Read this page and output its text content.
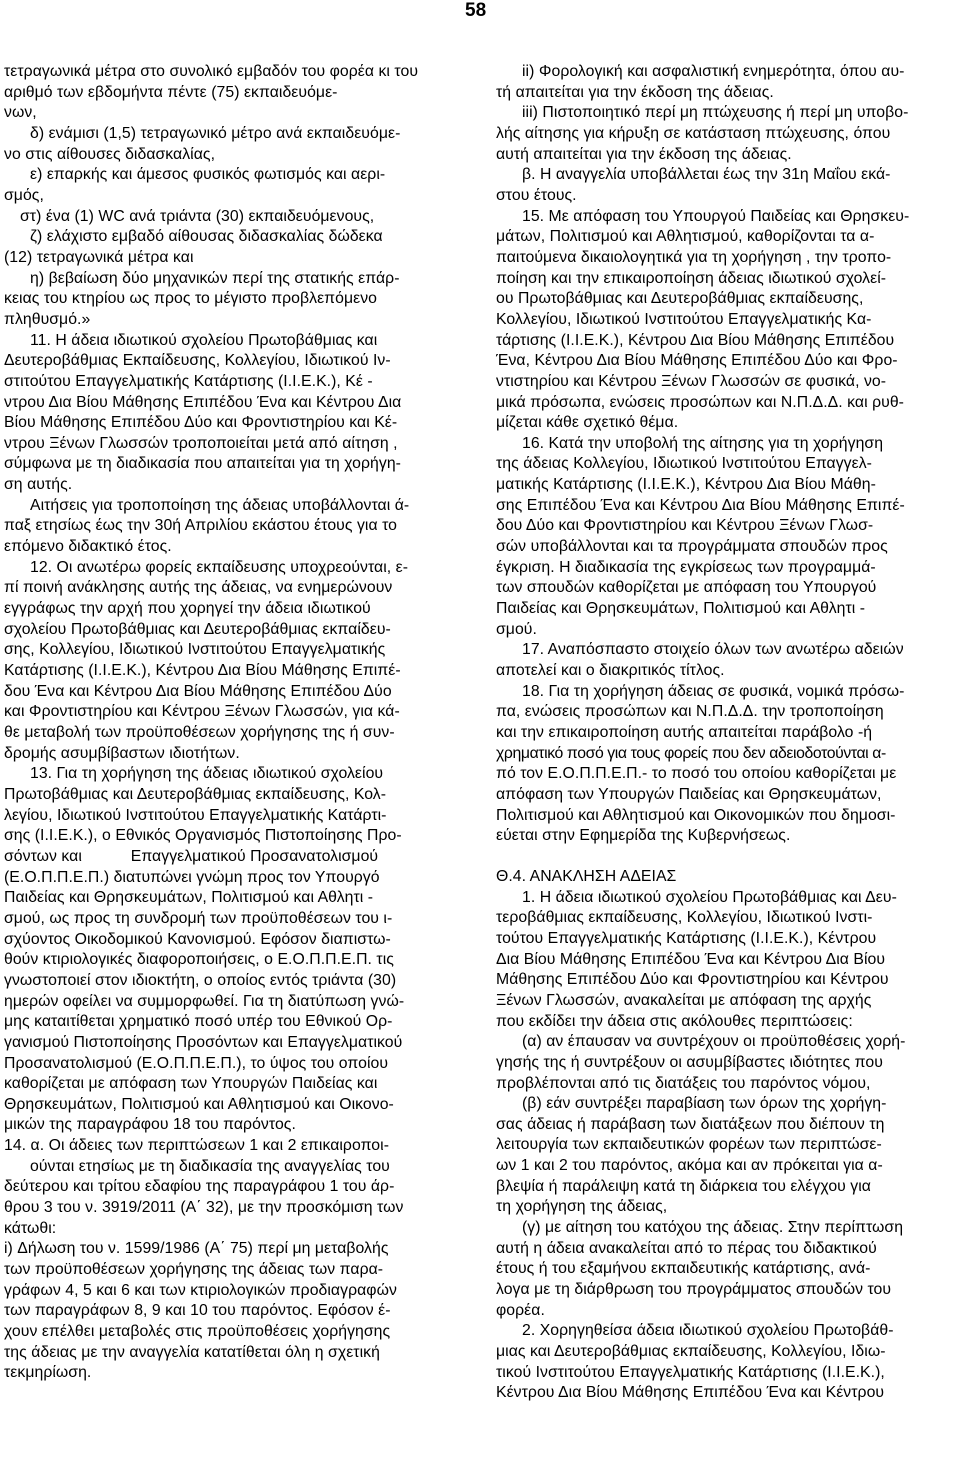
58

τετραγωνικά μέτρα στο συνολικό εμβαδόν του φορέα κι του αριθμό των εβδομήντα πέντε (75) εκπαιδευόμε-

νων,

δ) ενάμισι (1,5) τετραγωνικό μέτρο ανά εκπαιδευόμε-

νο στις αίθουσες διδασκαλίας,

ε) επαρκής και άμεσος φυσικός φωτισμός και αερι-

σμός,

στ) ένα (1) WC ανά τριάντα (30) εκπαιδευόμενους,

ζ) ελάχιστο εμβαδό αίθουσας διδασκαλίας δώδεκα

(12) τετραγωνικά μέτρα και

η) βεβαίωση δύο μηχανικών περί της στατικής επάρ-

κειας του κτηρίου ως προς το μέγιστο προβλεπόμενο

πληθυσμό.»

11. Η άδεια ιδιωτικού σχολείου Πρωτοβάθμιας και

Δευτεροβάθμιας Εκπαίδευσης, Κολλεγίου, Ιδιωτικού Ιν-

στιτούτου Επαγγελματικής Κατάρτισης (Ι.Ι.Ε.Κ.), Κέ -

ντρου Δια Βίου Μάθησης Επιπέδου Ένα και Κέντρου Δια

Βίου Μάθησης Επιπέδου Δύο και Φροντιστηρίου και Κέ-

ντρου Ξένων Γλωσσών τροποποιείται μετά από αίτηση ,

σύμφωνα με τη διαδικασία που απαιτείται για τη χορήγη-

ση αυτής.

Αιτήσεις για τροποποίηση της άδειας υποβάλλονται ά-

παξ ετησίως έως την 30ή Απριλίου εκάστου έτους για το

επόμενο διδακτικό έτος.

12. Οι ανωτέρω φορείς εκπαίδευσης υποχρεούνται, ε-

πί ποινή ανάκλησης αυτής της άδειας, να ενημερώνουν

εγγράφως την αρχή που χορηγεί την άδεια ιδιωτικού

σχολείου Πρωτοβάθμιας και Δευτεροβάθμιας εκπαίδευ-

σης, Κολλεγίου, Ιδιωτικού Ινστιτούτου Επαγγελματικής

Κατάρτισης (Ι.Ι.Ε.Κ.), Κέντρου Δια Βίου Μάθησης Επιπέ-

δου Ένα και Κέντρου Δια Βίου Μάθησης Επιπέδου Δύο

και Φροντιστηρίου και Κέντρου Ξένων Γλωσσών, για κά-

θε μεταβολή των προϋποθέσεων χορήγησης της ή συν-

δρομής ασυμβίβαστων ιδιοτήτων.

13. Για τη χορήγηση της άδειας ιδιωτικού σχολείου

Πρωτοβάθμιας και Δευτεροβάθμιας εκπαίδευσης, Κολ-

λεγίου, Ιδιωτικού Ινστιτούτου Επαγγελματικής Κατάρτι-

σης (Ι.Ι.Ε.Κ.), ο Εθνικός Οργανισμός Πιστοποίησης Προ-

σόντων και           Επαγγελματικού Προσανατολισμού

(Ε.Ο.Π.Π.Ε.Π.) διατυπώνει γνώμη προς τον Υπουργό

Παιδείας και Θρησκευμάτων, Πολιτισμού και Αθλητι -

σμού, ως προς τη συνδρομή των προϋποθέσεων του ι-

σχύοντος Οικοδομικού Κανονισμού. Εφόσον διαπιστω-

θούν κτιριολογικές διαφοροποιήσεις, ο Ε.Ο.Π.Π.Ε.Π. τις

γνωστοποιεί στον ιδιοκτήτη, ο οποίος εντός τριάντα (30)

ημερών οφείλει να συμμορφωθεί. Για τη διατύπωση γνώ-

μης καταιτίθεται χρηματικό ποσό υπέρ του Εθνικού Ορ-

γανισμού Πιστοποίησης Προσόντων και Επαγγελματικού

Προσανατολισμού (Ε.Ο.Π.Π.Ε.Π.), το ύψος του οποίου

καθορίζεται με απόφαση των Υπουργών Παιδείας και

Θρησκευμάτων, Πολιτισμού και Αθλητισμού και Οικονο-

μικών της παραγράφου 18 του παρόντος.

14. α. Οι άδειες των περιπτώσεων 1 και 2 επικαιροποι-

ούνται ετησίως με τη διαδικασία της αναγγελίας του

δεύτερου και τρίτου εδαφίου της παραγράφου 1 του άρ-

θρου 3 του ν. 3919/2011 (Α΄ 32), με την προσκόμιση των

κάτωθι:

i) Δήλωση του ν. 1599/1986 (Α΄ 75) περί μη μεταβολής

των προϋποθέσεων χορήγησης της άδειας των παρα-

γράφων 4, 5 και 6 και των κτιριολογικών προδιαγραφών

των παραγράφων 8, 9 και 10 του παρόντος. Εφόσον έ-

χουν επέλθει μεταβολές στις προϋποθέσεις χορήγησης

της άδειας με την αναγγελία κατατίθεται όλη η σχετική

τεκμηρίωση.

ii) Φορολογική και ασφαλιστική ενημερότητα, όπου αυ-

τή απαιτείται για την έκδοση της άδειας.

iii) Πιστοποιητικό περί μη πτώχευσης ή περί μη υποβο-

λής αίτησης για κήρυξη σε κατάσταση πτώχευσης, όπου

αυτή απαιτείται για την έκδοση της άδειας.

β. Η αναγγελία υποβάλλεται έως την 31η Μαΐου εκά-

στου έτους.

15. Με απόφαση του Υπουργού Παιδείας και Θρησκευ-

μάτων, Πολιτισμού και Αθλητισμού, καθορίζονται τα α-

παιτούμενα δικαιολογητικά για τη χορήγηση , την τροπο-

ποίηση και την επικαιροποίηση άδειας ιδιωτικού σχολεί-

ου Πρωτοβάθμιας και Δευτεροβάθμιας εκπαίδευσης,

Κολλεγίου, Ιδιωτικού Ινστιτούτου Επαγγελματικής Κα-

τάρτισης (Ι.Ι.Ε.Κ.), Κέντρου Δια Βίου Μάθησης Επιπέδου

Ένα, Κέντρου Δια Βίου Μάθησης Επιπέδου Δύο και Φρο-

ντιστηρίου και Κέντρου Ξένων Γλωσσών σε φυσικά, νο-

μικά πρόσωπα, ενώσεις προσώπων και Ν.Π.Δ.Δ. και ρυθ-

μίζεται κάθε σχετικό θέμα.

16. Κατά την υποβολή της αίτησης για τη χορήγηση

της άδειας Κολλεγίου, Ιδιωτικού Ινστιτούτου Επαγγελ-

ματικής Κατάρτισης (Ι.Ι.Ε.Κ.), Κέντρου Δια Βίου Μάθη-

σης Επιπέδου Ένα και Κέντρου Δια Βίου Μάθησης Επιπέ-

δου Δύο και Φροντιστηρίου και Κέντρου Ξένων Γλωσ-

σών υποβάλλονται και τα προγράμματα σπουδών προς

έγκριση. Η διαδικασία της εγκρίσεως των προγραμμά-

των σπουδών καθορίζεται με απόφαση του Υπουργού

Παιδείας και Θρησκευμάτων, Πολιτισμού και Αθλητι -

σμού.

17. Αναπόσπαστο στοιχείο όλων των ανωτέρω αδειών

αποτελεί και ο διακριτικός τίτλος.

18. Για τη χορήγηση άδειας σε φυσικά, νομικά πρόσω-

πα, ενώσεις προσώπων και Ν.Π.Δ.Δ. την τροποποίηση

και την επικαιροποίηση αυτής απαιτείται παράβολο -ή

χρηματικό ποσό για τους φορείς που δεν αδειοδοτούνται α-

πό τον Ε.Ο.Π.Π.Ε.Π.- το ποσό του οποίου καθορίζεται με

απόφαση των Υπουργών Παιδείας και Θρησκευμάτων,

Πολιτισμού και Αθλητισμού και Οικονομικών που δημοσι-

εύεται στην Εφημερίδα της Κυβερνήσεως.

Θ.4. ΑΝΑΚΛΗΣΗ ΑΔΕΙΑΣ

1. Η άδεια ιδιωτικού σχολείου Πρωτοβάθμιας και Δευ-

τεροβάθμιας εκπαίδευσης, Κολλεγίου, Ιδιωτικού Ινστι-

τούτου Επαγγελματικής Κατάρτισης (Ι.Ι.Ε.Κ.), Κέντρου

Δια Βίου Μάθησης Επιπέδου Ένα και Κέντρου Δια Βίου

Μάθησης Επιπέδου Δύο και Φροντιστηρίου και Κέντρου

Ξένων Γλωσσών, ανακαλείται με απόφαση της αρχής

που εκδίδει την άδεια στις ακόλουθες περιπτώσεις:

(α) αν έπαυσαν να συντρέχουν οι προϋποθέσεις χορή-

γησής της ή συντρέξουν οι ασυμβίβαστες ιδιότητες που

προβλέπονται από τις διατάξεις του παρόντος νόμου,

(β) εάν συντρέξει παραβίαση των όρων της χορήγη-

σας άδειας ή παράβαση των διατάξεων που διέπουν τη

λειτουργία των εκπαιδευτικών φορέων των περιπτώσε-

ων 1 και 2 του παρόντος, ακόμα και αν πρόκειται για α-

βλεψία ή παράλειψη κατά τη διάρκεια του ελέγχου για

τη χορήγηση της άδειας,

(γ) με αίτηση του κατόχου της άδειας. Στην περίπτωση

αυτή η άδεια ανακαλείται από το πέρας του διδακτικού

έτους ή του εξαμήνου εκπαιδευτικής κατάρτισης, ανά-

λογα με τη διάρθρωση του προγράμματος σπουδών του

φορέα.

2. Χορηγηθείσα άδεια ιδιωτικού σχολείου Πρωτοβάθ-

μιας και Δευτεροβάθμιας εκπαίδευσης, Κολλεγίου, Ιδιω-

τικού Ινστιτούτου Επαγγελματικής Κατάρτισης (Ι.Ι.Ε.Κ.),

Κέντρου Δια Βίου Μάθησης Επιπέδου Ένα και Κέντρου
